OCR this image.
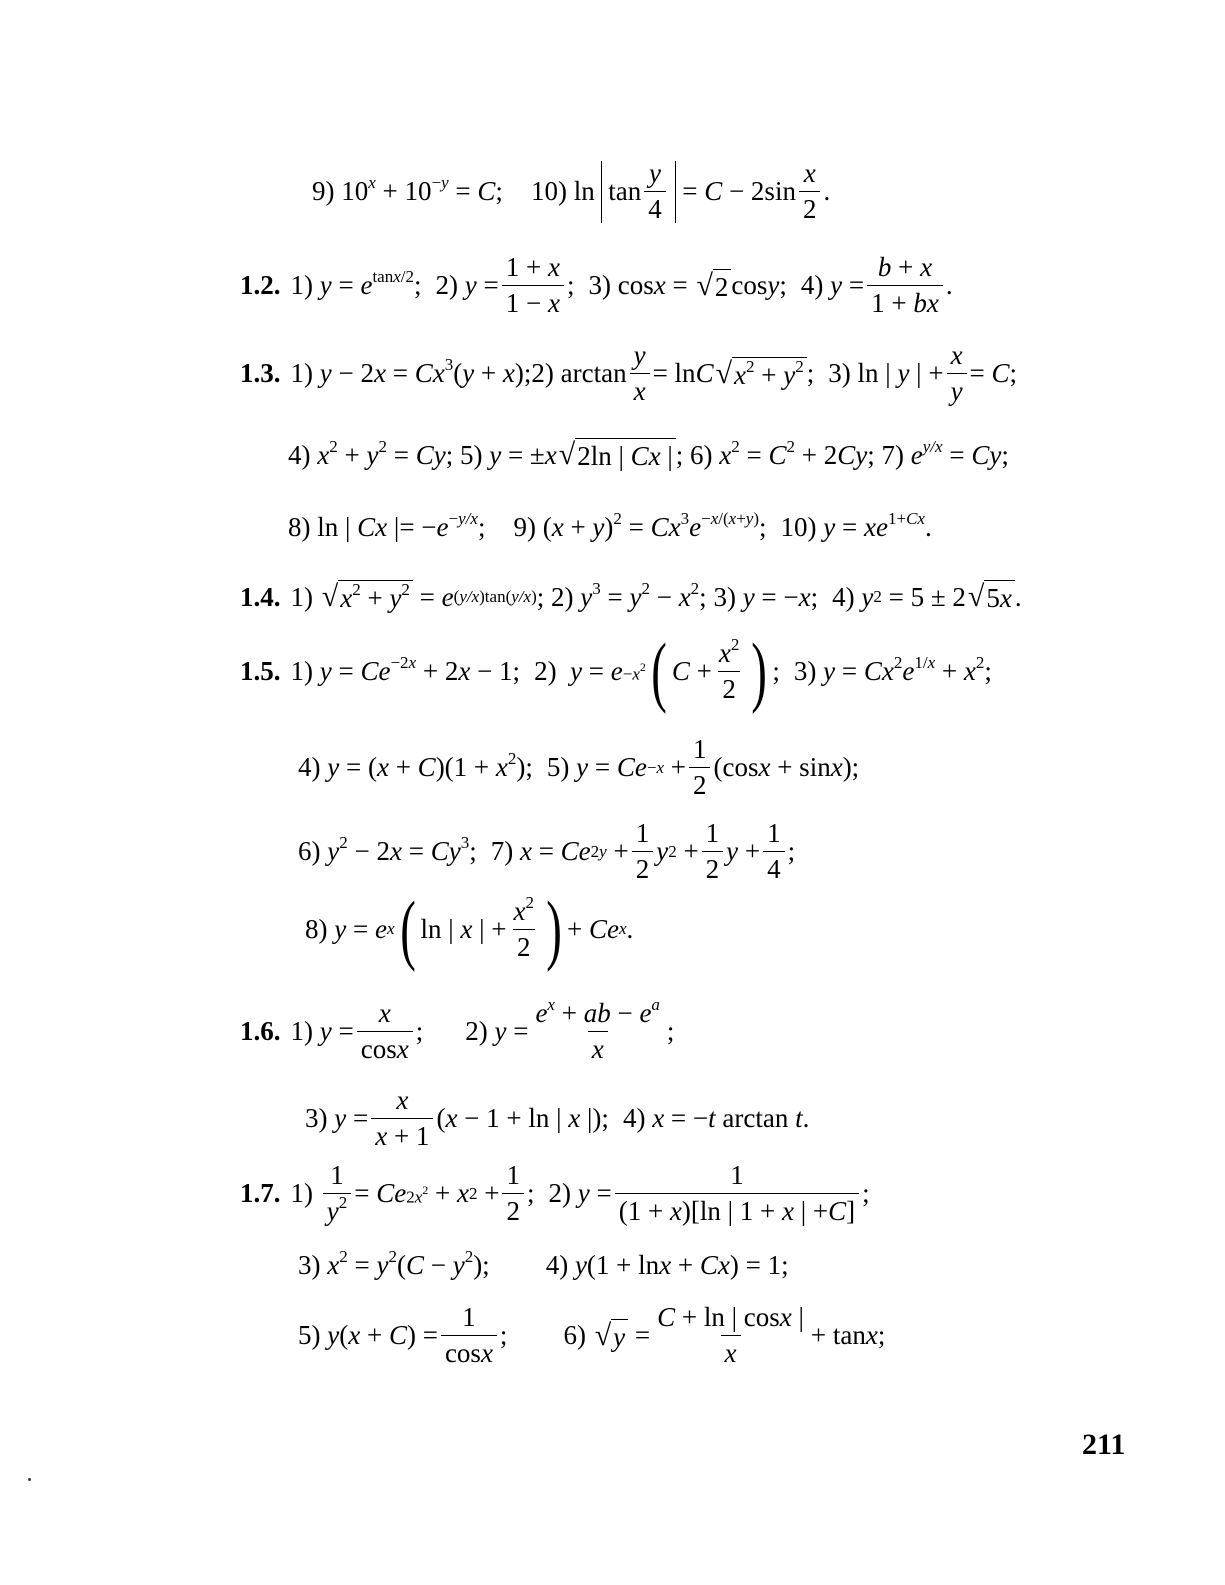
9)
$10^x + 10^{-y} = C$; 10)
$\ln \tan \frac{y}{4} = C - 2\sin \frac{x}{2}$ .
1.2. 1)
$y = e^{tanx/2}$; 2)
$y = \frac{1 + x}{1 - x}$ ; 3)
cos x = √ 2 cos y ; 4)
$y = \frac{b + x}{1 + bx}$ .
1.3. 1)
$y - 2x = Cx^3(y + x)$; 2)
$\arctan \frac{y}{x} = \ln C$ √ $x^2 + y^2$ ; 3)
ln | y | + $\frac{x}{y} = C$ ;
4)
$x^2 + y^2 = Cy$;
5)
y = ± x √ 2ln | Cx | ;
6)
$x^2 = C^2 + 2Cy$;
7)
$e^{y/x} = Cy$;
8)
ln | Cx |= $-e^{-y/x}$; 9)
$(x + y)^2 = Cx^3e^{-x/(x+y)}$; 10)
$y = xe^{1+Cx}$.
1.4. 1)
√ $x^2 + y^2 = e$ (y/x)tan(y/x) ;
2)
$y^3 = y^2 - x^2$;
3)
y = −x; 4)
y 2 = 5 ± 2 √ 5x .
1.5. 1)
$y = Ce^{-2x} + 2x - 1$; 2)
$y = e -x^2$ ( $C + \frac{x^2}{2}$ ) ; 3)
$y = Cx^2e^{1/x} + x^2$;
4)
$y = (x + C)(1 + x^2)$; 5)
$y = Ce -x + \frac{1}{2} (\cos$ x + sin x );
6)
$y^2 - 2x = Cy^3$; 7)
x = Ce $2y + \frac{1}{2}$ y $2 + \frac{1}{2}$ $y + \frac{1}{4}$ ;
8)
y = e x ( ln | x | + $\frac{x^2}{2}$ ) + Ce x .
1.6. 1)
$y = \frac{x}{\cos x}$ ; 2)
$y = \frac{e^x + ab - e^a}{x}$ ;
3)
$y = \frac{x}{x + 1}$ ( x − 1 + ln | x |); 4)
x = −t arctan t.
1.7. 1)
$\frac{1}{y^2} = Ce$ $2x^2 + x$ $2 + \frac{1}{2}$ ; 2)
$y = \frac{1}{(1 + x)[\ln | 1 + x | +C]}$ ;
3)
$x^2 = y^2(C - y^2)$; 4)
y(1 + lnx + Cx) = 1;
5)
y ( x + C ) = $\frac{1}{\cos x}$ ; 6)
√ $y = \frac{C + \ln | \cos x |}{x} + \tan x$ ;
211
